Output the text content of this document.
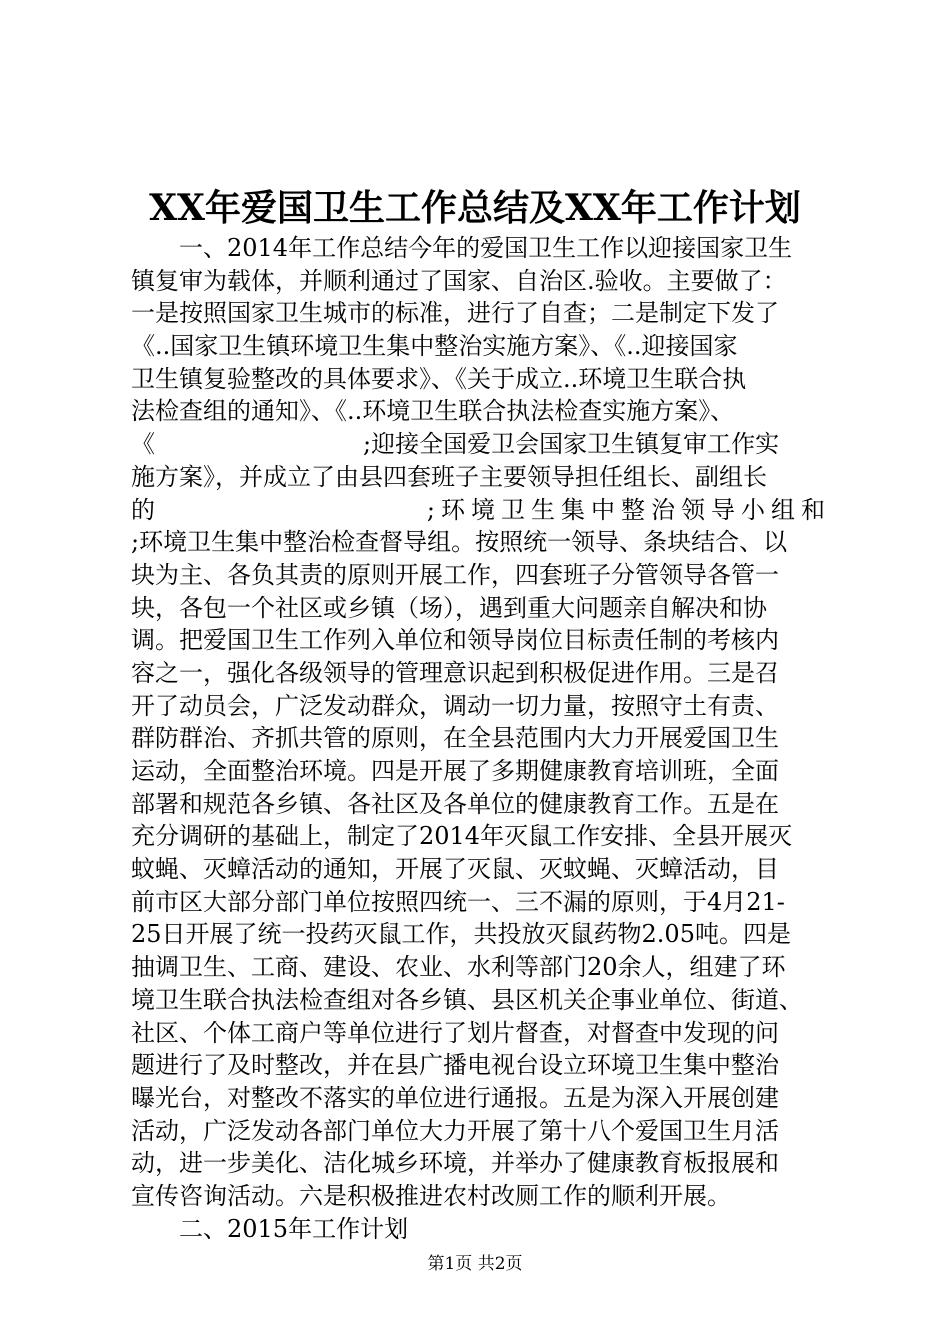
XX年爱国卫生工作总结及XX年工作计划
一、2014年工作总结今年的爱国卫生工作以迎接国家卫生
镇复审为载体，并顺利通过了国家、自治区.验收。主要做了：
一是按照国家卫生城市的标准，进行了自查；二是制定下发了
《..国家卫生镇环境卫生集中整治实施方案》、《..迎接国家
卫生镇复验整改的具体要求》、《关于成立..环境卫生联合执
法检查组的通知》、《..环境卫生联合执法检查实施方案》、
《	;迎接全国爱卫会国家卫生镇复审工作实
施方案》，并成立了由县四套班子主要领导担任组长、副组长
的	;环境卫生集中整治领导小组和
;环境卫生集中整治检查督导组。按照统一领导、条块结合、以
块为主、各负其责的原则开展工作，四套班子分管领导各管一
块，各包一个社区或乡镇（场），遇到重大问题亲自解决和协
调。把爱国卫生工作列入单位和领导岗位目标责任制的考核内
容之一，强化各级领导的管理意识起到积极促进作用。三是召
开了动员会，广泛发动群众，调动一切力量，按照守土有责、
群防群治、齐抓共管的原则，在全县范围内大力开展爱国卫生
运动，全面整治环境。四是开展了多期健康教育培训班，全面
部署和规范各乡镇、各社区及各单位的健康教育工作。五是在
充分调研的基础上，制定了2014年灭鼠工作安排、全县开展灭
蚊蝇、灭蟑活动的通知，开展了灭鼠、灭蚊蝇、灭蟑活动，目
前市区大部分部门单位按照四统一、三不漏的原则，于4月21-
25日开展了统一投药灭鼠工作，共投放灭鼠药物2.05吨。四是
抽调卫生、工商、建设、农业、水利等部门20余人，组建了环
境卫生联合执法检查组对各乡镇、县区机关企事业单位、街道、
社区、个体工商户等单位进行了划片督查，对督查中发现的问
题进行了及时整改，并在县广播电视台设立环境卫生集中整治
曝光台，对整改不落实的单位进行通报。五是为深入开展创建
活动，广泛发动各部门单位大力开展了第十八个爱国卫生月活
动，进一步美化、洁化城乡环境，并举办了健康教育板报展和
宣传咨询活动。六是积极推进农村改厕工作的顺利开展。
二、2015年工作计划
第1页 共2页
